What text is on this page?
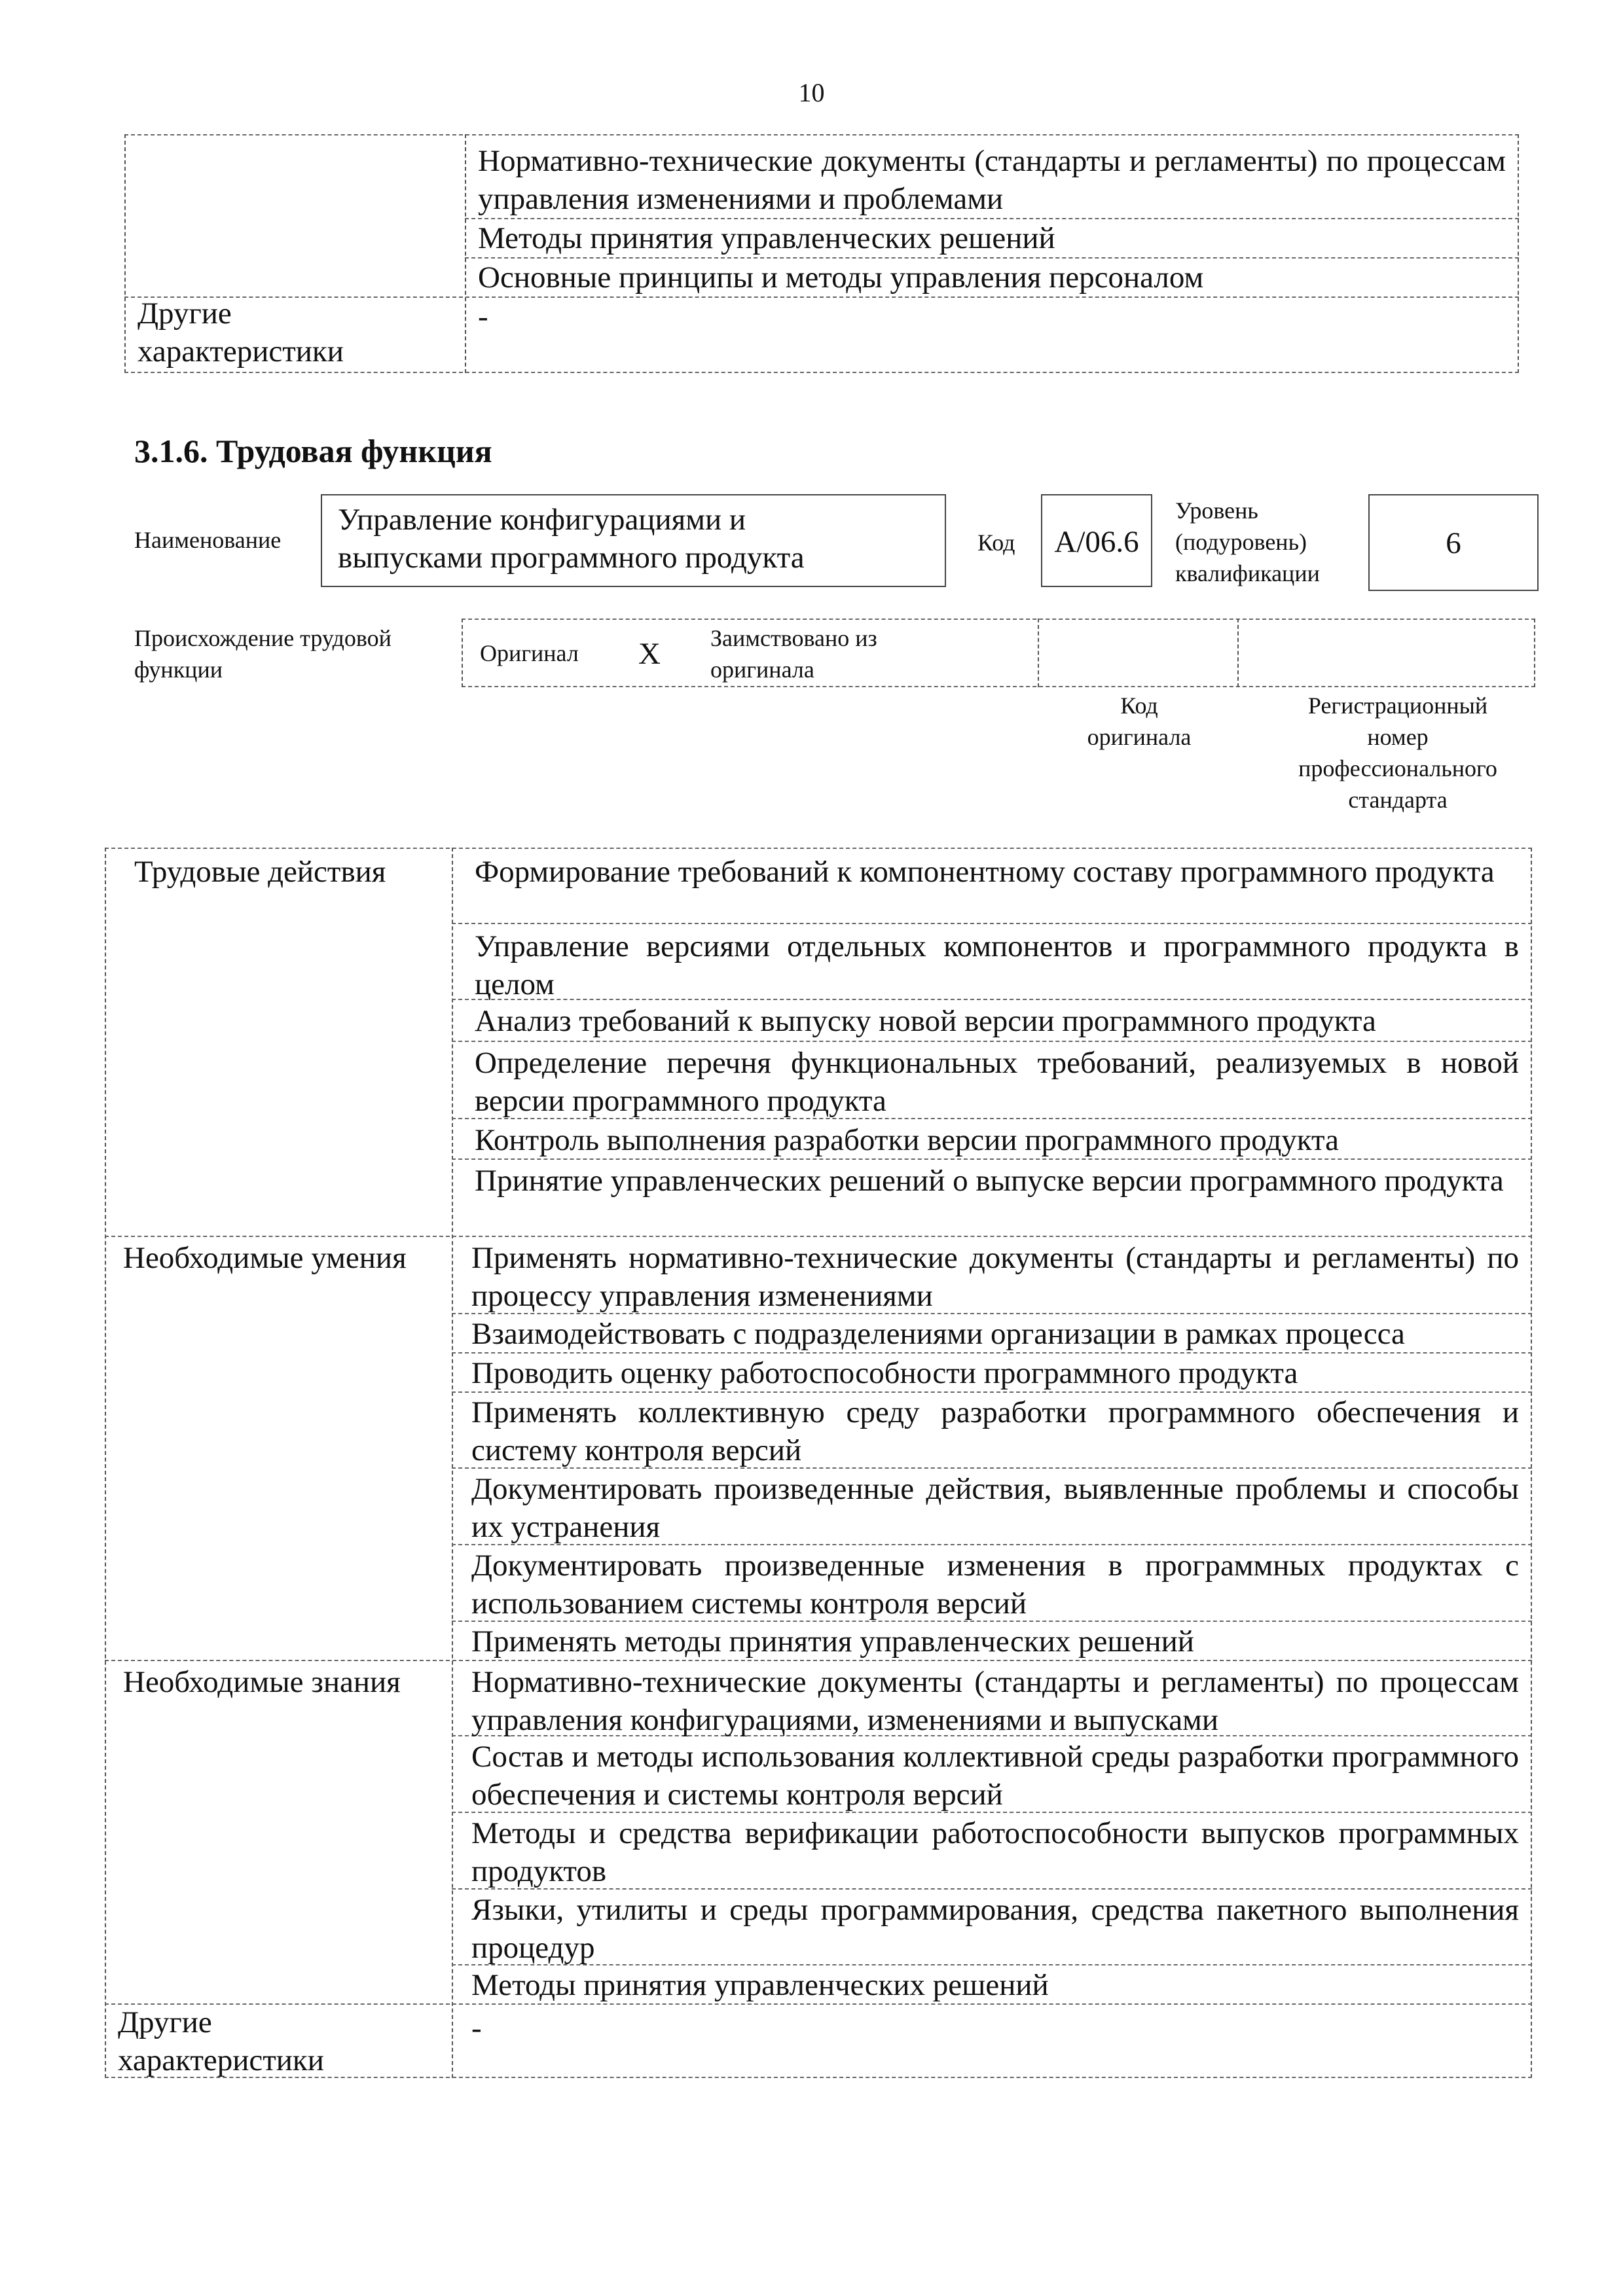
10
Нормативно-технические документы (стандарты и регламенты) по процессам управления изменениями и проблемами
Методы принятия управленческих решений
Основные принципы и методы управления персоналом
Другие
характеристики
-
3.1.6. Трудовая функция
Наименование
Управление конфигурациями и
выпусками программного продукта	Код	A/06.6
Уровень
(подуровень)
квалификации
6
Происхождение трудовой
функции
Оригинал X Заимствовано из
оригинала
Код
оригинала
Регистрационный
номер
профессионального
стандарта
Трудовые действия
Необходимые умения
Необходимые знания
Другие
характеристики
Формирование требований к компонентному составу программного продукта
Управление версиями отдельных компонентов и программного продукта в целом
Анализ требований к выпуску новой версии программного продукта
Определение перечня функциональных требований, реализуемых в новой версии программного продукта
Контроль выполнения разработки версии программного продукта
Принятие управленческих решений о выпуске версии программного продукта
Применять нормативно-технические документы (стандарты и регламенты) по процессу управления изменениями
Взаимодействовать с подразделениями организации в рамках процесса
Проводить оценку работоспособности программного продукта
Применять коллективную среду разработки программного обеспечения и систему контроля версий
Документировать произведенные действия, выявленные проблемы и способы их устранения
Документировать произведенные изменения в программных продуктах с использованием системы контроля версий
Применять методы принятия управленческих решений
Нормативно-технические документы (стандарты и регламенты) по процессам управления конфигурациями, изменениями и выпусками
Состав и методы использования коллективной среды разработки программного обеспечения и системы контроля версий
Методы и средства верификации работоспособности выпусков программных продуктов
Языки, утилиты и среды программирования, средства пакетного выполнения процедур
Методы принятия управленческих решений
-
